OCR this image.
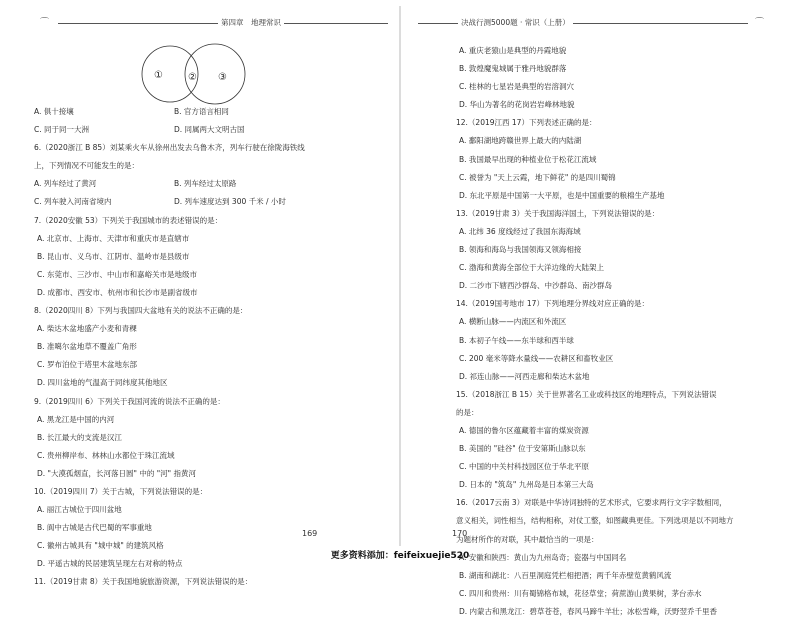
⌒	第四章　地理常识
①	② ③
A. 俱十接壤	B. 官方语言相同
C. 同于同一大洲	D. 同属两大文明古国
6.（2020浙江 B 85）刘某乘火车从徐州出发去乌鲁木齐，列车行驶在徐陇海铁线
上，下列情况不可能发生的是：
A. 列车经过了黄河	B. 列车经过太原路
C. 列车驶入河南省境内	D. 列车速度达到 300 千米 / 小时
7.（2020安徽 53）下列关于我国城市的表述错误的是：
A. 北京市、上海市、天津市和重庆市是直辖市
B. 昆山市、义乌市、江阴市、温岭市是县级市
C. 东莞市、三沙市、中山市和嘉峪关市是地级市
D. 成都市、西安市、杭州市和长沙市是副省级市
8.（2020四川 8）下列与我国四大盆地有关的说法不正确的是：
A. 柴达木盆地盛产小麦和青稞
B. 准噶尔盆地草不覆盖广角形
C. 罗布泊位于塔里木盆地东部
D. 四川盆地的气温高于同纬度其他地区
9.（2019四川 6）下列关于我国河流的说法不正确的是：
A. 黑龙江是中国的内河
B. 长江最大的支流是汉江
C. 贵州柳岸布、林林山水都位于珠江流域
D. "大漠孤烟直，长河落日圆" 中的 "河" 指黄河
10.（2019四川 7）关于古城，下列说法错误的是：
A. 丽江古城位于四川盆地
B. 阆中古城是古代巴蜀的军事重地
C. 徽州古城具有 "城中城" 的建筑风格
D. 平遥古城的民居建筑呈现左右对称的特点
11.（2019甘肃 8）关于我国地貌旅游资源，下列说法错误的是：
169
决战行测5000题 · 常识（上册）	⌒
A. 重庆老猿山是典型的丹霞地貌
B. 敦煌魔鬼城属于雅丹地貌群落
C. 桂林的七星岩是典型的岩溶洞穴
D. 华山为著名的花岗岩岩峰林地貌
12.（2019江西 17）下列表述正确的是：
A. 鄱阳湖地跨赣世界上最大的内陆湖
B. 我国最早出现的种植业位于松花江流域
C. 被誉为 "天上云霞，地下鲜花" 的是四川蜀锦
D. 东北平原是中国第一大平原，也是中国重要的粮棉生产基地
13.（2019甘肃 3）关于我国海洋国土，下列说法错误的是：
A. 北纬 36 度线经过了我国东海海域
B. 领海和海岛与我国领海又领海相接
C. 渤海和黄海全部位于大洋边缘的大陆架上
D. 二沙市下辖西沙群岛、中沙群岛、南沙群岛
14.（2019国考地市 17）下列地理分界线对应正确的是：
A. 横断山脉——内流区和外流区
B. 本初子午线——东半球和西半球
C. 200 毫米等降水量线——农耕区和畜牧业区
D. 祁连山脉——河西走廊和柴达木盆地
15.（2018浙江 B 15）关于世界著名工业或科技区的地理特点，下列说法错误
的是：
A. 德国的鲁尔区蕴藏着丰富的煤炭资源
B. 美国的 "硅谷" 位于安第斯山脉以东
C. 中国的中关村科技园区位于华北平原
D. 日本的 "筑岛" 九州岛是日本第三大岛
16.（2017云南 3）对联是中华诗词独特的艺术形式，它要求两行文字字数相同，
意义相关，词性相当，结构相称，对仗工整，如图藏典更佳。下列选项是以不同地方
为题材所作的对联，其中最恰当的一项是：
A. 安徽和陕西：黄山为九州岛奇；瓷器与中国同名
B. 湖南和湖北：八百里洞庭凭栏相把酒；两千年赤壁览黄鹤风流
C. 四川和贵州：川有蜀锦格布城，花径草堂；荷蔗游山黄果树，茅台赤水
D. 内蒙古和黑龙江：碧草苍苍，春风马蹄牛羊壮；冰松雪峰，沃野翌乔千里香
170
更多资料添加：feifeixuejie520
